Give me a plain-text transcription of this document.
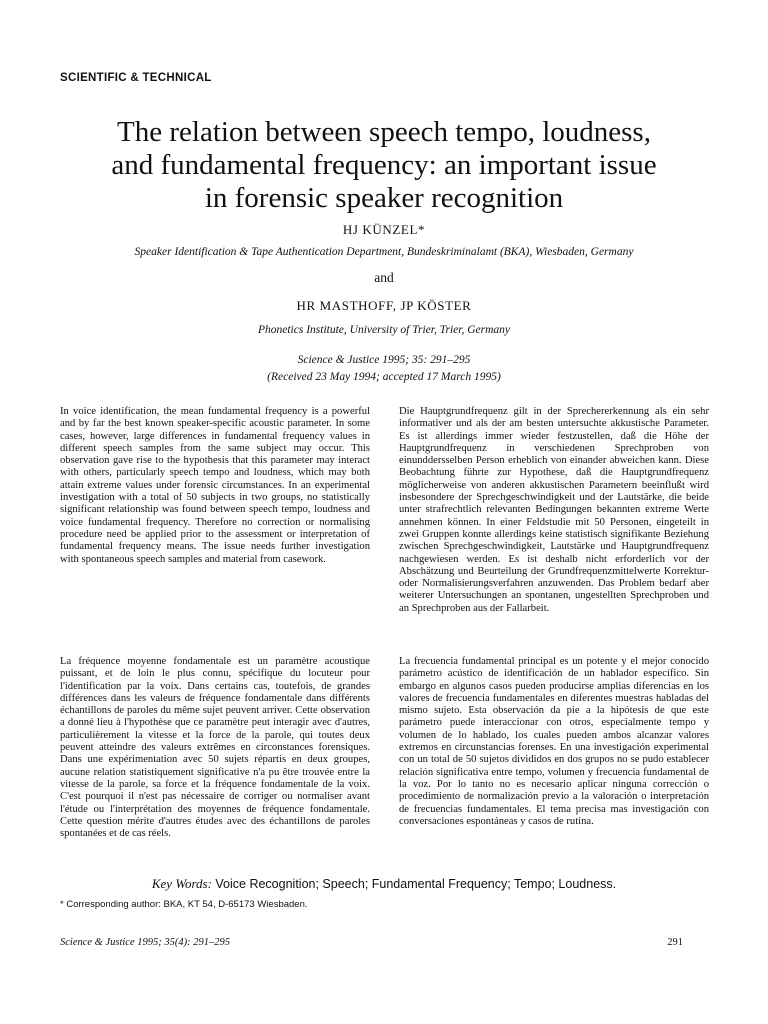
SCIENTIFIC & TECHNICAL
The relation between speech tempo, loudness,
and fundamental frequency: an important issue
in forensic speaker recognition
HJ KÜNZEL*
Speaker Identification & Tape Authentication Department, Bundeskriminalamt (BKA), Wiesbaden, Germany
and
HR MASTHOFF, JP KÖSTER
Phonetics Institute, University of Trier, Trier, Germany
Science & Justice 1995; 35: 291–295
(Received 23 May 1994; accepted 17 March 1995)

In voice identification, the mean fundamental frequency is a powerful and by far the best known speaker-specific acoustic parameter. In some cases, however, large differences in fundamental frequency values in different speech samples from the same subject may occur. This observation gave rise to the hypothesis that this parameter may interact with others, particularly speech tempo and loudness, which may both attain extreme values under forensic circumstances. In an experimental investigation with a total of 50 subjects in two groups, no statistically significant relationship was found between speech tempo, loudness and voice fundamental frequency. Therefore no correction or normalising procedure need be applied prior to the assessment or interpretation of fundamental frequency means. The issue needs further investigation with spontaneous speech samples and material from casework.

Die Hauptgrundfrequenz gilt in der Sprechererkennung als ein sehr informativer und als der am besten untersuchte akkustische Parameter. Es ist allerdings immer wieder festzustellen, daß die Höhe der Hauptgrundfrequenz in verschiedenen Sprechproben von einunddersselben Person erheblich von einander abweichen kann. Diese Beobachtung führte zur Hypothese, daß die Hauptgrundfrequenz möglicherweise von anderen akkustischen Parametern beeinflußt wird insbesondere der Sprechgeschwindigkeit und der Lautstärke, die beide unter strafrechtlich relevanten Bedingungen bekannten extreme Werte annehmen können. In einer Feldstudie mit 50 Personen, eingeteilt in zwei Gruppen konnte allerdings keine statistisch signifikante Beziehung zwischen Sprechgeschwindigkeit, Lautstärke und Hauptgrundfrequenz nachgewiesen werden. Es ist deshalb nicht erforderlich vor der Abschätzung und Beurteilung der Grundfrequenzmittelwerte Korrektur- oder Normalisierungsverfahren anzuwenden. Das Problem bedarf aber weiterer Untersuchungen an spontanen, ungestellten Sprechproben und an Sprechproben aus der Fallarbeit.

La fréquence moyenne fondamentale est un paramètre acoustique puissant, et de loin le plus connu, spécifique du locuteur pour l'identification par la voix. Dans certains cas, toutefois, de grandes différences dans les valeurs de fréquence fondamentale dans différents échantillons de paroles du même sujet peuvent arriver. Cette observation a donné lieu à l'hypothèse que ce paramètre peut interagir avec d'autres, particulièrement la vitesse et la force de la parole, qui toutes deux peuvent atteindre des valeurs extrêmes en circonstances forensiques. Dans une expérimentation avec 50 sujets répartis en deux groupes, aucune relation statistiquement significative n'a pu être trouvée entre la vitesse de la parole, sa force et la fréquence fondamentale de la voix. C'est pourquoi il n'est pas nécessaire de corriger ou normaliser avant l'étude ou l'interprétation des moyennes de fréquence fondamentale. Cette question mérite d'autres études avec des échantillons de paroles spontanées et de cas réels.

La frecuencia fundamental principal es un potente y el mejor conocido parámetro acústico de identificación de un hablador específico. Sin embargo en algunos casos pueden producirse amplias diferencias en los valores de frecuencia fundamentales en diferentes muestras habladas del mismo sujeto. Esta observación da pie a la hipótesis de que este parámetro puede interaccionar con otros, especialmente tempo y volumen de lo hablado, los cuales pueden ambos alcanzar valores extremos en circunstancias forenses. En una investigación experimental con un total de 50 sujetos divididos en dos grupos no se pudo establecer relación significativa entre tempo, volumen y frecuencia fundamental de la voz. Por lo tanto no es necesario aplicar ninguna corrección o procedimiento de normalización previo a la valoración o interpretación de frecuencias fundamentales. El tema precisa mas investigación con conversaciones espontáneas y casos de rutina.

Key Words: Voice Recognition; Speech; Fundamental Frequency; Tempo; Loudness.
* Corresponding author: BKA, KT 54, D-65173 Wiesbaden.
Science & Justice 1995; 35(4): 291–295	291
